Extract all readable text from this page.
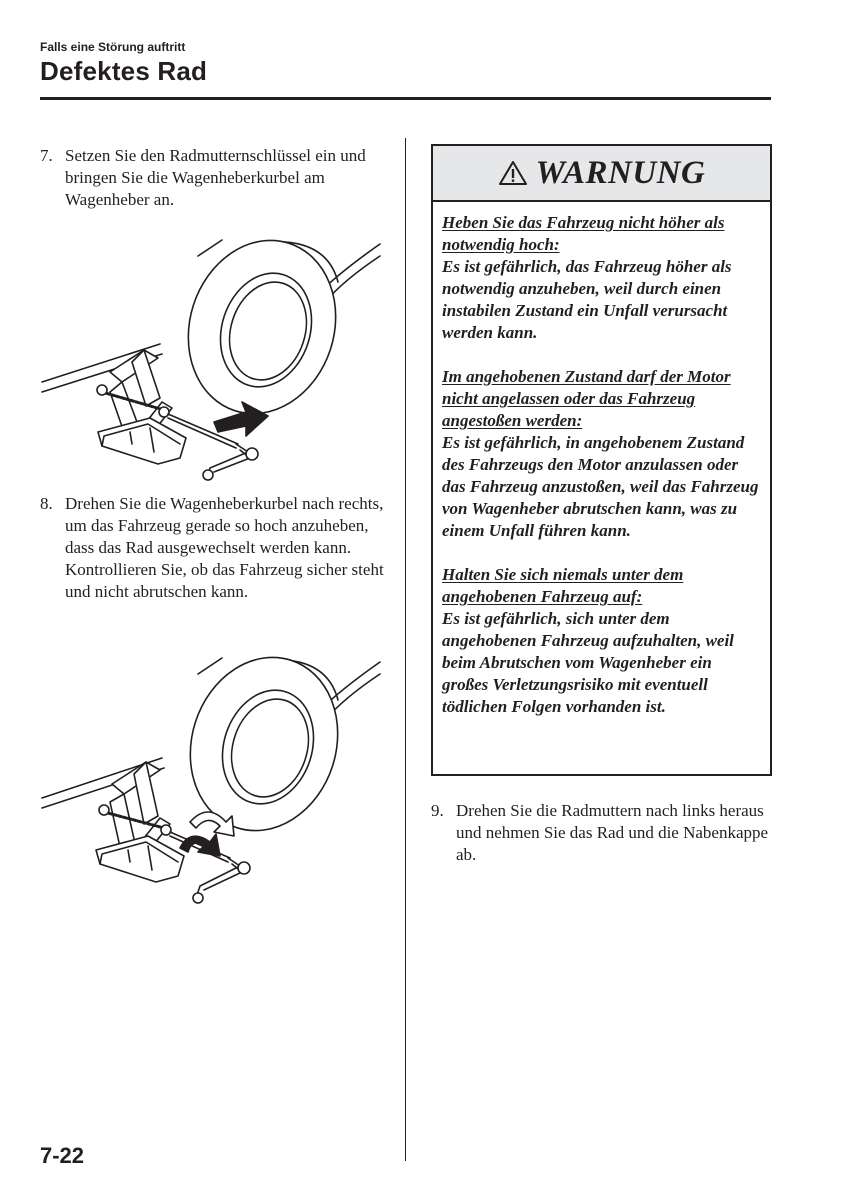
Falls eine Störung auftritt
Defektes Rad
7. Setzen Sie den Radmutternschlüssel ein und bringen Sie die Wagenheberkurbel am Wagenheber an.
8. Drehen Sie die Wagenheberkurbel nach rechts, um das Fahrzeug gerade so hoch anzuheben, dass das Rad ausgewechselt werden kann. Kontrollieren Sie, ob das Fahrzeug sicher steht und nicht abrutschen kann.
WARNUNG
Heben Sie das Fahrzeug nicht höher als notwendig hoch:
Es ist gefährlich, das Fahrzeug höher als notwendig anzuheben, weil durch einen instabilen Zustand ein Unfall verursacht werden kann.
Im angehobenen Zustand darf der Motor nicht angelassen oder das Fahrzeug angestoßen werden:
Es ist gefährlich, in angehobenem Zustand des Fahrzeugs den Motor anzulassen oder das Fahrzeug anzustoßen, weil das Fahrzeug von Wagenheber abrutschen kann, was zu einem Unfall führen kann.
Halten Sie sich niemals unter dem angehobenen Fahrzeug auf:
Es ist gefährlich, sich unter dem angehobenen Fahrzeug aufzuhalten, weil beim Abrutschen vom Wagenheber ein großes Verletzungsrisiko mit eventuell tödlichen Folgen vorhanden ist.
9. Drehen Sie die Radmuttern nach links heraus und nehmen Sie das Rad und die Nabenkappe ab.
7-22
